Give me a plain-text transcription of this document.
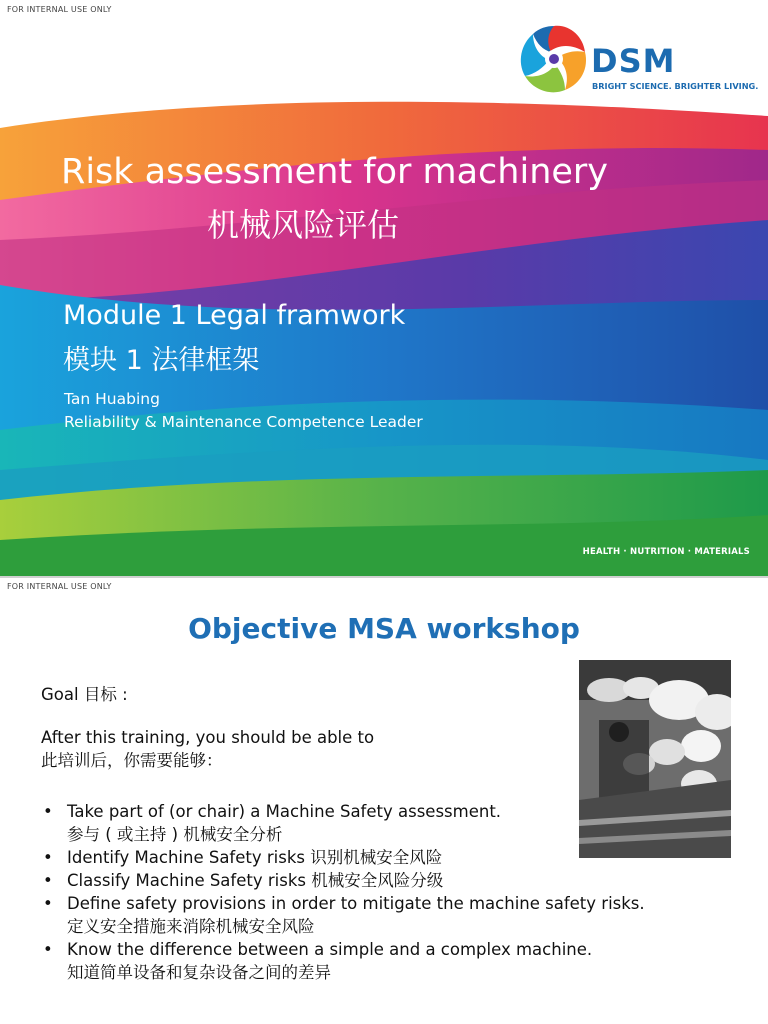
FOR INTERNAL USE ONLY
DSM
BRIGHT SCIENCE. BRIGHTER LIVING.
Risk assessment for machinery
机械风险评估
Module 1 Legal framwork
模块 1 法律框架
Tan Huabing
Reliability & Maintenance Competence Leader
HEALTH · NUTRITION · MATERIALS
FOR INTERNAL USE ONLY
Objective MSA workshop
Goal 目标 :
After this training, you should be able to
此培训后，你需要能够：
• Take part of (or chair) a Machine Safety assessment.
参与 ( 或主持 ) 机械安全分析
• Identify Machine Safety risks 识别机械安全风险
• Classify Machine Safety risks 机械安全风险分级
• Define safety provisions in order to mitigate the machine safety risks.
定义安全措施来消除机械安全风险
• Know the difference between a simple and a complex machine.
知道简单设备和复杂设备之间的差异
